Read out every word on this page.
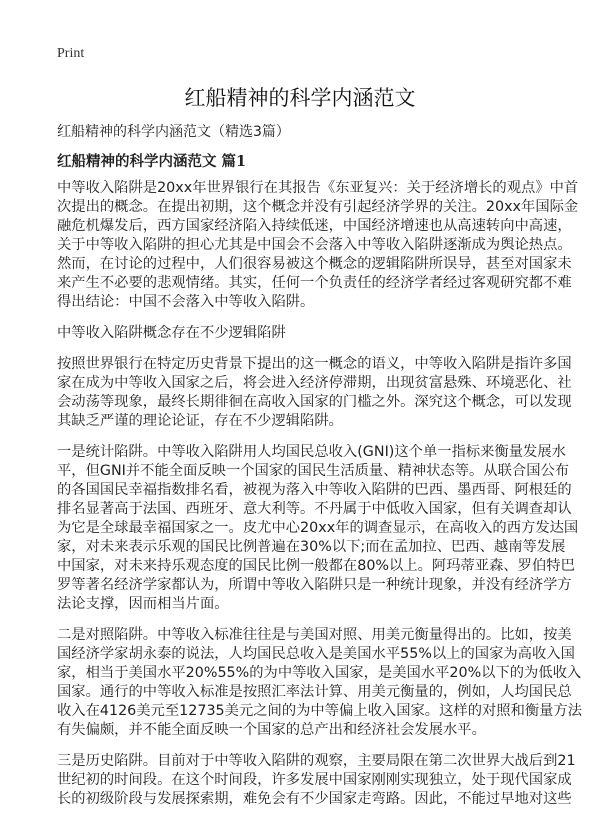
Print
红船精神的科学内涵范文
红船精神的科学内涵范文（精选3篇）
红船精神的科学内涵范文 篇1
中等收入陷阱是20xx年世界银行在其报告《东亚复兴：关于经济增长的观点》中首
次提出的概念。在提出初期，这个概念并没有引起经济学界的关注。20xx年国际金
融危机爆发后，西方国家经济陷入持续低迷，中国经济增速也从高速转向中高速，
关于中等收入陷阱的担心尤其是中国会不会落入中等收入陷阱逐渐成为舆论热点。
然而，在讨论的过程中，人们很容易被这个概念的逻辑陷阱所误导，甚至对国家未
来产生不必要的悲观情绪。其实，任何一个负责任的经济学者经过客观研究都不难
得出结论：中国不会落入中等收入陷阱。
中等收入陷阱概念存在不少逻辑陷阱
按照世界银行在特定历史背景下提出的这一概念的语义，中等收入陷阱是指许多国
家在成为中等收入国家之后，将会进入经济停滞期，出现贫富悬殊、环境恶化、社
会动荡等现象，最终长期徘徊在高收入国家的门槛之外。深究这个概念，可以发现
其缺乏严谨的理论论证，存在不少逻辑陷阱。
一是统计陷阱。中等收入陷阱用人均国民总收入(GNI)这个单一指标来衡量发展水
平，但GNI并不能全面反映一个国家的国民生活质量、精神状态等。从联合国公布
的各国国民幸福指数排名看，被视为落入中等收入陷阱的巴西、墨西哥、阿根廷的
排名显著高于法国、西班牙、意大利等。不丹属于中低收入国家，但有关调查却认
为它是全球最幸福国家之一。皮尤中心20xx年的调查显示，在高收入的西方发达国
家，对未来表示乐观的国民比例普遍在30%以下;而在孟加拉、巴西、越南等发展
中国家，对未来持乐观态度的国民比例一般都在80%以上。阿玛蒂亚森、罗伯特巴
罗等著名经济学家都认为，所谓中等收入陷阱只是一种统计现象，并没有经济学方
法论支撑，因而相当片面。
二是对照陷阱。中等收入标准往往是与美国对照、用美元衡量得出的。比如，按美
国经济学家胡永泰的说法，人均国民总收入是美国水平55%以上的国家为高收入国
家，相当于美国水平20%55%的为中等收入国家，是美国水平20%以下的为低收入
国家。通行的中等收入标准是按照汇率法计算、用美元衡量的，例如，人均国民总
收入在4126美元至12735美元之间的为中等偏上收入国家。这样的对照和衡量方法
有失偏颇，并不能全面反映一个国家的总产出和经济社会发展水平。
三是历史陷阱。目前对于中等收入陷阱的观察，主要局限在第二次世界大战后到21
世纪初的时间段。在这个时间段，许多发展中国家刚刚实现独立，处于现代国家成
长的初级阶段与发展探索期，难免会有不少国家走弯路。因此，不能过早地对这些
